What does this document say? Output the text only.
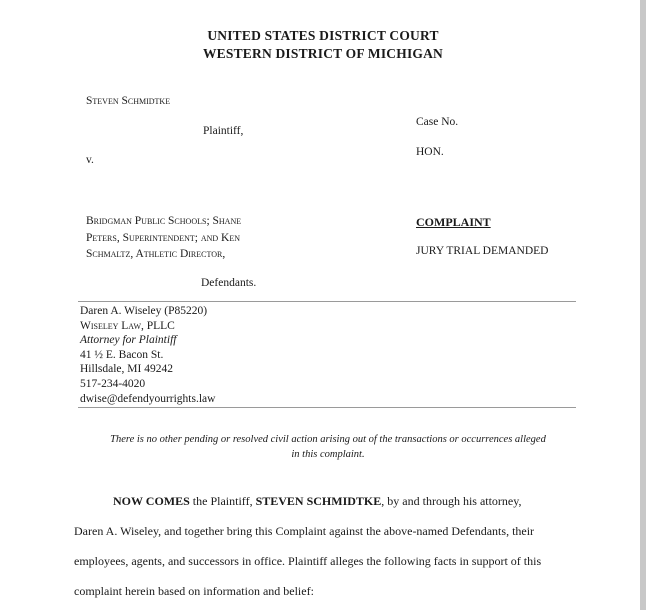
UNITED STATES DISTRICT COURT
WESTERN DISTRICT OF MICHIGAN
Steven Schmidtke
Plaintiff,
v.
Bridgman Public Schools; Shane
Peters, Superintendent; and Ken
Schmaltz, Athletic Director,
Defendants.
Case No.
HON.
COMPLAINT
JURY TRIAL DEMANDED
Daren A. Wiseley (P85220)
Wiseley Law, PLLC
Attorney for Plaintiff
41 ½ E. Bacon St.
Hillsdale, MI 49242
517-234-4020
dwise@defendyourrights.law
There is no other pending or resolved civil action arising out of the transactions or occurrences alleged
in this complaint.
NOW COMES the Plaintiff, STEVEN SCHMIDTKE, by and through his attorney,
Daren A. Wiseley, and together bring this Complaint against the above-named Defendants, their
employees, agents, and successors in office. Plaintiff alleges the following facts in support of this
complaint herein based on information and belief:
